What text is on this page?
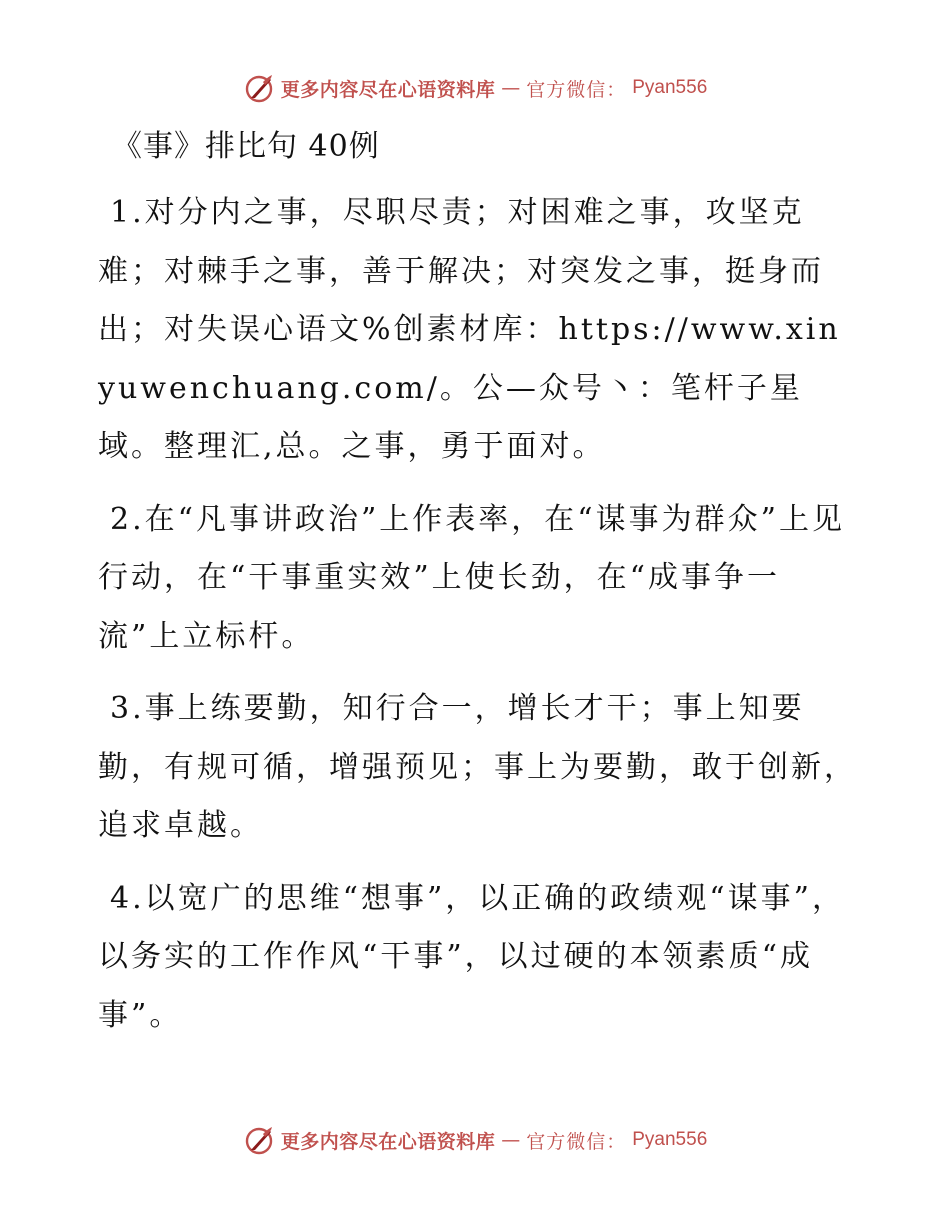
更多内容尽在心语资料库 — 官方微信： Pyan556
《事》排比句 40例

1.对分内之事，尽职尽责；对困难之事，攻坚克难；对棘手之事，善于解决；对突发之事，挺身而出；对失误心语文%创素材库：https://www.xinyuwenchuang.com/。公—众号丶：笔杆子星域。整理汇,总。之事，勇于面对。

2.在“凡事讲政治”上作表率，在“谋事为群众”上见行动，在“干事重实效”上使长劲，在“成事争一流”上立标杆。

3.事上练要勤，知行合一，增长才干；事上知要勤，有规可循，增强预见；事上为要勤，敢于创新，追求卓越。

4.以宽广的思维“想事”，以正确的政绩观“谋事”，以务实的工作作风“干事”，以过硬的本领素质“成事”。

更多内容尽在心语资料库 — 官方微信： Pyan556
